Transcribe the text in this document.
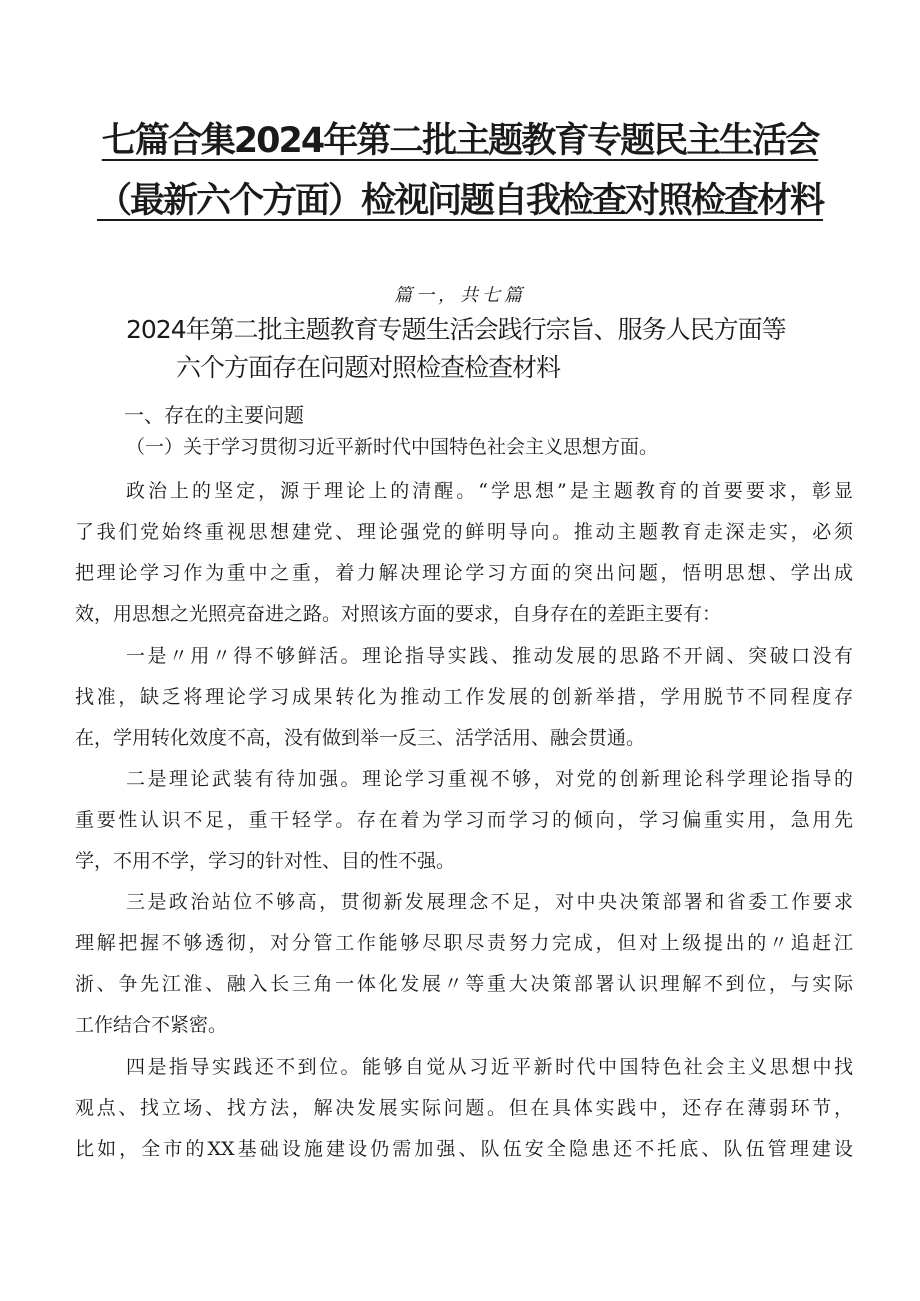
七篇合集2024年第二批主题教育专题民主生活会
（最新六个方面）检视问题自我检查对照检查材料
篇一，共七篇
2024年第二批主题教育专题生活会践行宗旨、服务人民方面等
六个方面存在问题对照检查检查材料
一、存在的主要问题
（一）关于学习贯彻习近平新时代中国特色社会主义思想方面。
政治上的坚定，源于理论上的清醒。“学思想”是主题教育的首要要求，彰显
了我们党始终重视思想建党、理论强党的鲜明导向。推动主题教育走深走实，必须
把理论学习作为重中之重，着力解决理论学习方面的突出问题，悟明思想、学出成
效，用思想之光照亮奋进之路。对照该方面的要求，自身存在的差距主要有：
一是〃用〃得不够鲜活。理论指导实践、推动发展的思路不开阔、突破口没有
找准，缺乏将理论学习成果转化为推动工作发展的创新举措，学用脱节不同程度存
在，学用转化效度不高，没有做到举一反三、活学活用、融会贯通。
二是理论武装有待加强。理论学习重视不够，对党的创新理论科学理论指导的
重要性认识不足，重干轻学。存在着为学习而学习的倾向，学习偏重实用，急用先
学，不用不学，学习的针对性、目的性不强。
三是政治站位不够高，贯彻新发展理念不足，对中央决策部署和省委工作要求
理解把握不够透彻，对分管工作能够尽职尽责努力完成，但对上级提出的〃追赶江
浙、争先江淮、融入长三角一体化发展〃等重大决策部署认识理解不到位，与实际
工作结合不紧密。
四是指导实践还不到位。能够自觉从习近平新时代中国特色社会主义思想中找
观点、找立场、找方法，解决发展实际问题。但在具体实践中，还存在薄弱环节，
比如，全市的XX基础设施建设仍需加强、队伍安全隐患还不托底、队伍管理建设
